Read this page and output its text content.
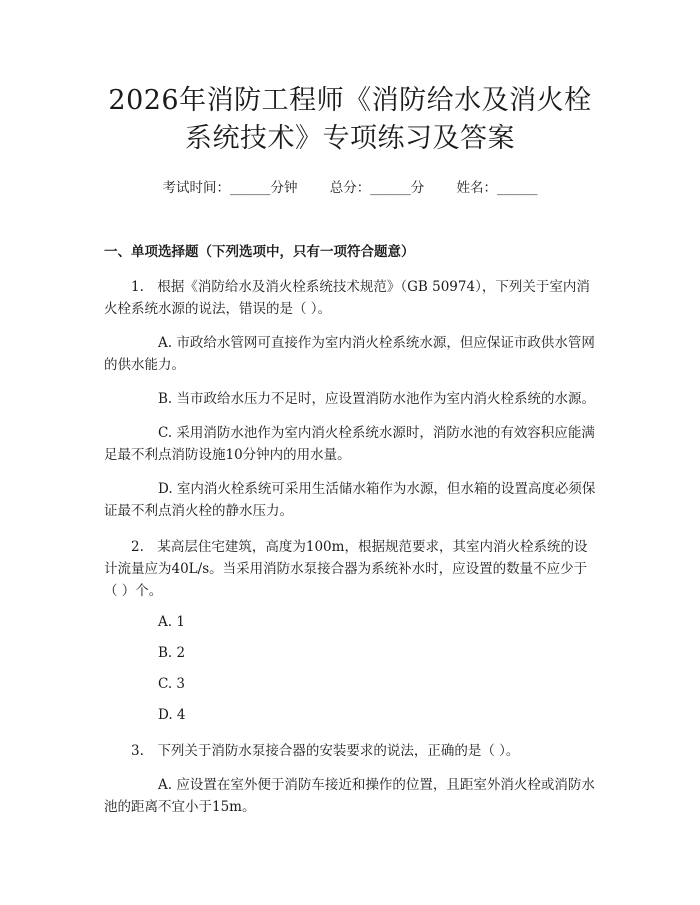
2026年消防工程师《消防给水及消火栓系统技术》专项练习及答案
考试时间：______分钟 总分：______分 姓名：______
一、单项选择题（下列选项中，只有一项符合题意）
1.　根据《消防给水及消火栓系统技术规范》（GB 50974），下列关于室内消火栓系统水源的说法，错误的是（ ）。
A. 市政给水管网可直接作为室内消火栓系统水源，但应保证市政供水管网的供水能力。
B. 当市政给水压力不足时，应设置消防水池作为室内消火栓系统的水源。
C. 采用消防水池作为室内消火栓系统水源时，消防水池的有效容积应能满足最不利点消防设施10分钟内的用水量。
D. 室内消火栓系统可采用生活储水箱作为水源，但水箱的设置高度必须保证最不利点消火栓的静水压力。
2.　某高层住宅建筑，高度为100m，根据规范要求，其室内消火栓系统的设计流量应为40L/s。当采用消防水泵接合器为系统补水时，应设置的数量不应少于（ ）个。
A. 1
B. 2
C. 3
D. 4
3.　下列关于消防水泵接合器的安装要求的说法，正确的是（ ）。
A. 应设置在室外便于消防车接近和操作的位置，且距室外消火栓或消防水池的距离不宜小于15m。
